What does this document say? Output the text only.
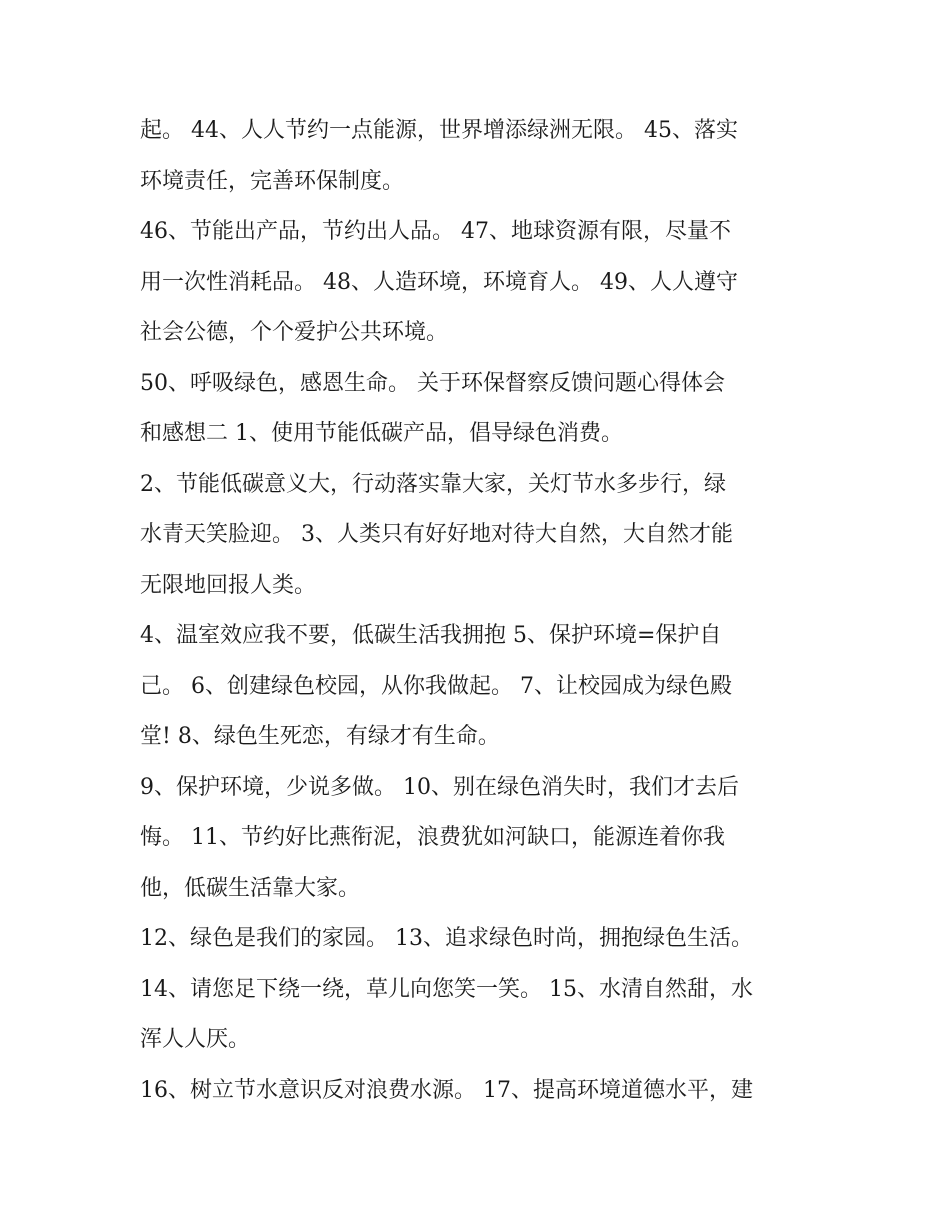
起。 44、人人节约一点能源，世界增添绿洲无限。 45、落实
环境责任，完善环保制度。
46、节能出产品，节约出人品。 47、地球资源有限，尽量不
用一次性消耗品。 48、人造环境，环境育人。 49、人人遵守
社会公德，个个爱护公共环境。
50、呼吸绿色，感恩生命。 关于环保督察反馈问题心得体会
和感想二 1、使用节能低碳产品，倡导绿色消费。
2、节能低碳意义大，行动落实靠大家，关灯节水多步行，绿
水青天笑脸迎。 3、人类只有好好地对待大自然，大自然才能
无限地回报人类。
4、温室效应我不要，低碳生活我拥抱 5、保护环境=保护自
己。 6、创建绿色校园，从你我做起。 7、让校园成为绿色殿
堂! 8、绿色生死恋，有绿才有生命。
9、保护环境，少说多做。 10、别在绿色消失时，我们才去后
悔。 11、节约好比燕衔泥，浪费犹如河缺口，能源连着你我
他，低碳生活靠大家。
12、绿色是我们的家园。 13、追求绿色时尚，拥抱绿色生活。
14、请您足下绕一绕，草儿向您笑一笑。 15、水清自然甜，水
浑人人厌。
16、树立节水意识反对浪费水源。 17、提高环境道德水平，建
